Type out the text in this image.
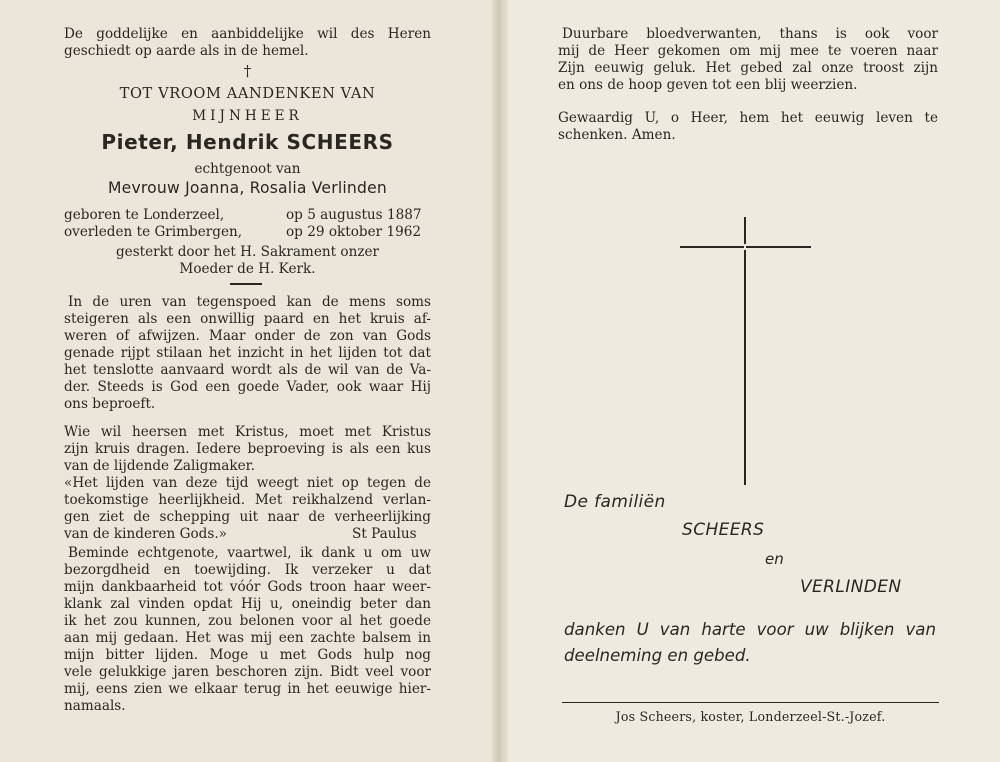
De goddelijke en aanbiddelijke wil des Heren

geschiedt op aarde als in de hemel.

†

TOT VROOM AANDENKEN VAN

MIJNHEER

Pieter, Hendrik SCHEERS

echtgenoot van

Mevrouw Joanna, Rosalia Verlinden

geboren te Londerzeel,	op 5 augustus 1887

overleden te Grimbergen,	op 29 oktober 1962

gesterkt door het H. Sakrament onzer

Moeder de H. Kerk.

In de uren van tegenspoed kan de mens soms
steigeren als een onwillig paard en het kruis af-
weren of afwijzen. Maar onder de zon van Gods
genade rijpt stilaan het inzicht in het lijden tot dat
het tenslotte aanvaard wordt als de wil van de Va-
der. Steeds is God een goede Vader, ook waar Hij
ons beproeft.
Wie wil heersen met Kristus, moet met Kristus
zijn kruis dragen. Iedere beproeving is als een kus
van de lijdende Zaligmaker.
«Het lijden van deze tijd weegt niet op tegen de
toekomstige heerlijkheid. Met reikhalzend verlan-
gen ziet de schepping uit naar de verheerlijking
van de kinderen Gods.»	St Paulus

Beminde echtgenote, vaartwel, ik dank u om uw
bezorgdheid en toewijding. Ik verzeker u dat
mijn dankbaarheid tot vóór Gods troon haar weer-
klank zal vinden opdat Hij u, oneindig beter dan
ik het zou kunnen, zou belonen voor al het goede
aan mij gedaan. Het was mij een zachte balsem in
mijn bitter lijden. Moge u met Gods hulp nog
vele gelukkige jaren beschoren zijn. Bidt veel voor
mij, eens zien we elkaar terug in het eeuwige hier-
namaals.
Duurbare bloedverwanten, thans is ook voor
mij de Heer gekomen om mij mee te voeren naar
Zijn eeuwig geluk. Het gebed zal onze troost zijn
en ons de hoop geven tot een blij weerzien.
Gewaardig U, o Heer, hem het eeuwig leven te
schenken. Amen.

De familiën

SCHEERS

en

VERLINDEN

danken U van harte voor uw blijken van

deelneming en gebed.

Jos Scheers, koster, Londerzeel-St.-Jozef.
